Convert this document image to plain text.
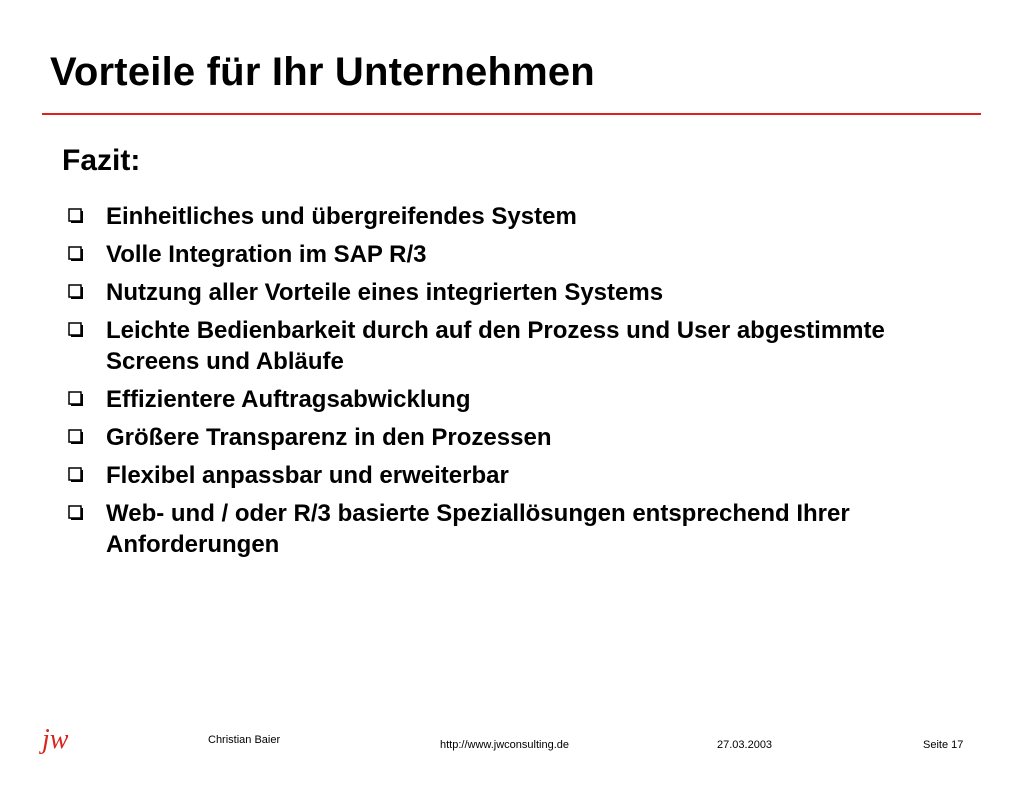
Vorteile für Ihr Unternehmen
Fazit:
Einheitliches und übergreifendes System
Volle Integration im SAP R/3
Nutzung aller Vorteile eines integrierten Systems
Leichte Bedienbarkeit durch auf den Prozess und User abgestimmte Screens und Abläufe
Effizientere Auftragsabwicklung
Größere Transparenz in den Prozessen
Flexibel anpassbar und erweiterbar
Web- und / oder R/3 basierte Speziallösungen entsprechend Ihrer Anforderungen
jw	Christian Baier	http://www.jwconsulting.de	27.03.2003	Seite 17
